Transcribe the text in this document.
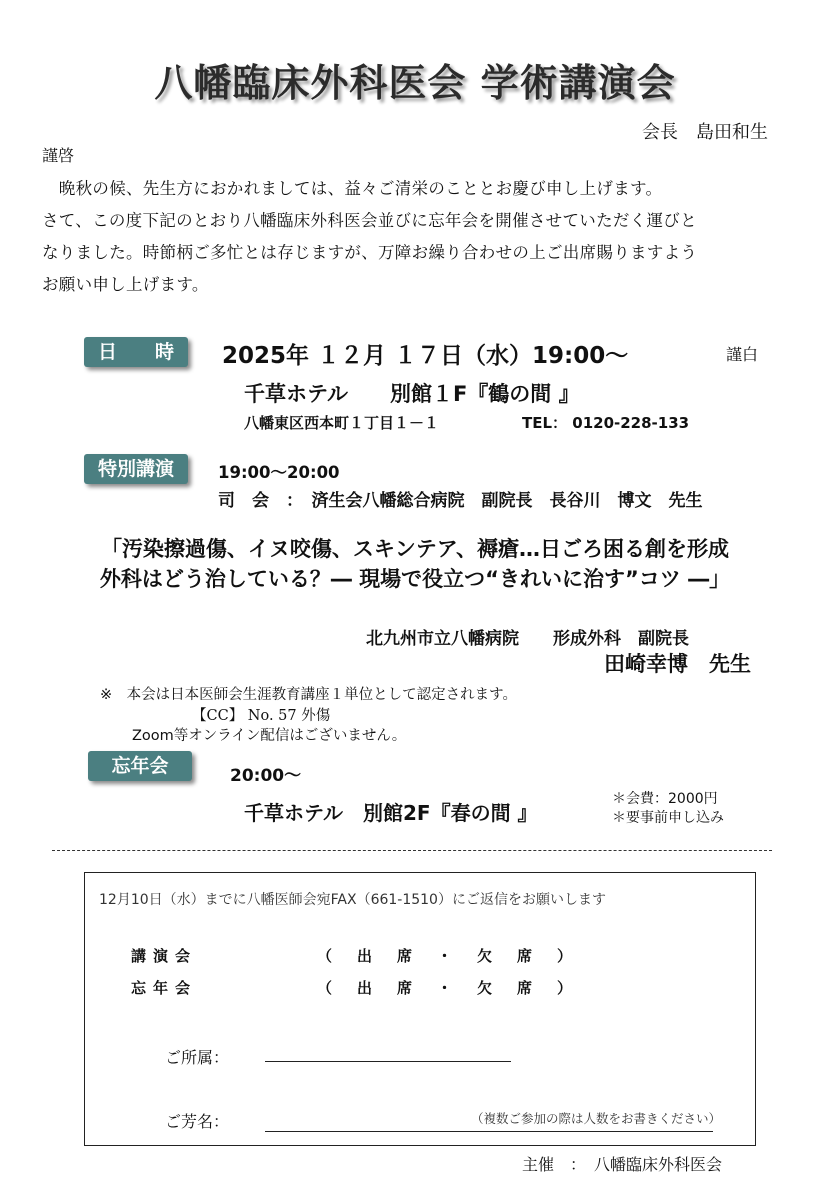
八幡臨床外科医会 学術講演会
会長　島田和生
謹啓
　晩秋の候、先生方におかれましては、益々ご清栄のこととお慶び申し上げます。
さて、この度下記のとおり八幡臨床外科医会並びに忘年会を開催させていただく運びと
なりました。時節柄ご多忙とは存じますが、万障お繰り合わせの上ご出席賜りますよう
お願い申し上げます。
日　　時	2025年 １２月 １７日（水）19:00～	謹白
千草ホテル　　別館１F『鶴の間 』
八幡東区西本町１丁目１－１	TEL： 0120-228-133
特別講演	19:00～20:00
司　会　：　済生会八幡総合病院　副院長　長谷川　博文　先生
「汚染擦過傷、イヌ咬傷、スキンテア、褥瘡…日ごろ困る創を形成
外科はどう治している？― 現場で役立つ“きれいに治す”コツ ―」
北九州市立八幡病院　　形成外科　副院長
田崎幸博　先生
※　本会は日本医師会生涯教育講座１単位として認定されます。
【CC】 No. 57 外傷
Zoom等オンライン配信はございません。
忘年会	20:00～
千草ホテル　別館2F『春の間 』
＊会費：2000円
＊要事前申し込み
12月10日（水）までに八幡医師会宛FAX（661-1510）にご返信をお願いします
講演会	（　出　席　・　欠　席　）
忘年会	（　出　席　・　欠　席　）
ご所属：
ご芳名：	（複数ご参加の際は人数をお書きください）
主催　：　八幡臨床外科医会
